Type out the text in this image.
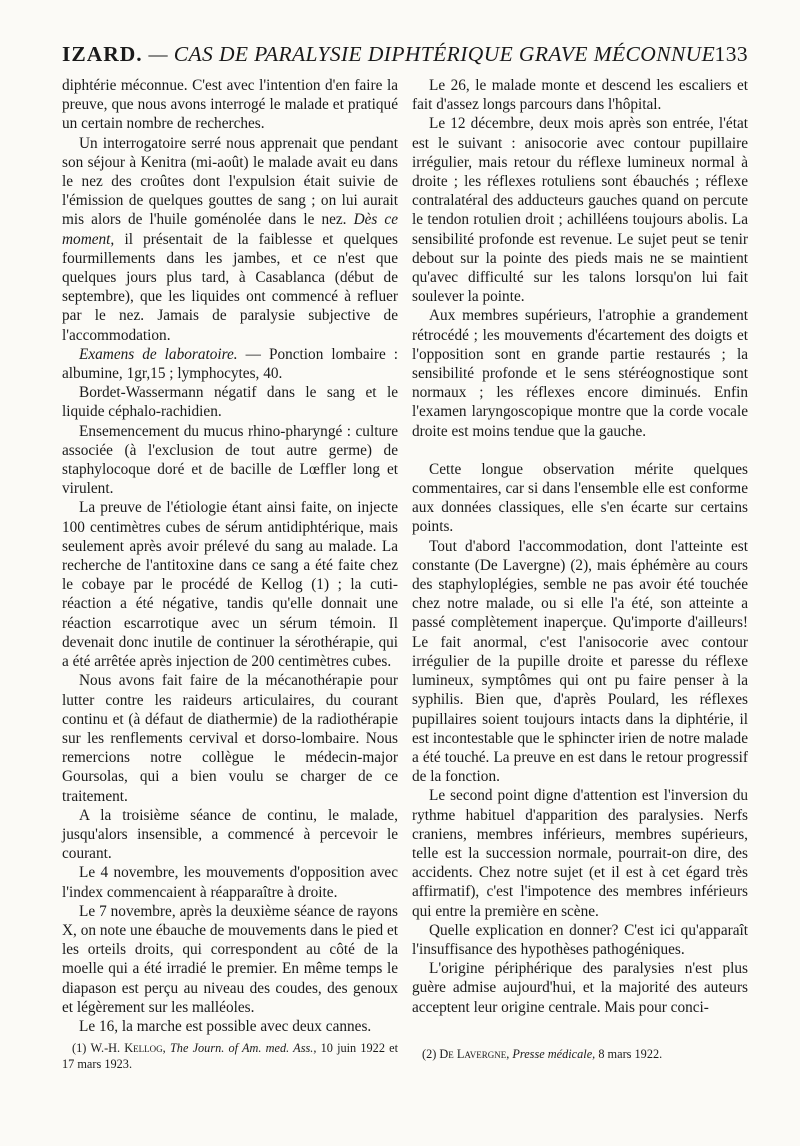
IZARD. — CAS DE PARALYSIE DIPHTÉRIQUE GRAVE MÉCONNUE 133

diphtérie méconnue. C'est avec l'intention d'en faire la preuve, que nous avons interrogé le malade et pratiqué un certain nombre de recherches.

Un interrogatoire serré nous apprenait que pendant son séjour à Kenitra (mi-août) le malade avait eu dans le nez des croûtes dont l'expulsion était suivie de l'émission de quelques gouttes de sang ; on lui aurait mis alors de l'huile goménolée dans le nez. Dès ce moment, il présentait de la faiblesse et quelques fourmillements dans les jambes, et ce n'est que quelques jours plus tard, à Casablanca (début de septembre), que les liquides ont commencé à refluer par le nez. Jamais de paralysie subjective de l'accommodation.

Examens de laboratoire. — Ponction lombaire : albumine, 1gr,15 ; lymphocytes, 40.

Bordet-Wassermann négatif dans le sang et le liquide céphalo-rachidien.

Ensemencement du mucus rhino-pharyngé : culture associée (à l'exclusion de tout autre germe) de staphylocoque doré et de bacille de Lœffler long et virulent.

La preuve de l'étiologie étant ainsi faite, on injecte 100 centimètres cubes de sérum antidiphtérique, mais seulement après avoir prélevé du sang au malade. La recherche de l'antitoxine dans ce sang a été faite chez le cobaye par le procédé de Kellog (1) ; la cuti-réaction a été négative, tandis qu'elle donnait une réaction escarrotique avec un sérum témoin. Il devenait donc inutile de continuer la sérothérapie, qui a été arrêtée après injection de 200 centimètres cubes.

Nous avons fait faire de la mécanothérapie pour lutter contre les raideurs articulaires, du courant continu et (à défaut de diathermie) de la radiothérapie sur les renflements cervival et dorso-lombaire. Nous remercions notre collègue le médecin-major Goursolas, qui a bien voulu se charger de ce traitement.

A la troisième séance de continu, le malade, jusqu'alors insensible, a commencé à percevoir le courant.

Le 4 novembre, les mouvements d'opposition avec l'index commencaient à réapparaître à droite.

Le 7 novembre, après la deuxième séance de rayons X, on note une ébauche de mouvements dans le pied et les orteils droits, qui correspondent au côté de la moelle qui a été irradié le premier. En même temps le diapason est perçu au niveau des coudes, des genoux et légèrement sur les malléoles.

Le 16, la marche est possible avec deux cannes.

Le 26, le malade monte et descend les escaliers et fait d'assez longs parcours dans l'hôpital.

Le 12 décembre, deux mois après son entrée, l'état est le suivant : anisocorie avec contour pupillaire irrégulier, mais retour du réflexe lumineux normal à droite ; les réflexes rotuliens sont ébauchés ; réflexe contralatéral des adducteurs gauches quand on percute le tendon rotulien droit ; achilléens toujours abolis. La sensibilité profonde est revenue. Le sujet peut se tenir debout sur la pointe des pieds mais ne se maintient qu'avec difficulté sur les talons lorsqu'on lui fait soulever la pointe.

Aux membres supérieurs, l'atrophie a grandement rétrocédé ; les mouvements d'écartement des doigts et l'opposition sont en grande partie restaurés ; la sensibilité profonde et le sens stéréognostique sont normaux ; les réflexes encore diminués. Enfin l'examen laryngoscopique montre que la corde vocale droite est moins tendue que la gauche.

Cette longue observation mérite quelques commentaires, car si dans l'ensemble elle est conforme aux données classiques, elle s'en écarte sur certains points.

Tout d'abord l'accommodation, dont l'atteinte est constante (De Lavergne) (2), mais éphémère au cours des staphyloplégies, semble ne pas avoir été touchée chez notre malade, ou si elle l'a été, son atteinte a passé complètement inaperçue. Qu'importe d'ailleurs! Le fait anormal, c'est l'anisocorie avec contour irrégulier de la pupille droite et paresse du réflexe lumineux, symptômes qui ont pu faire penser à la syphilis. Bien que, d'après Poulard, les réflexes pupillaires soient toujours intacts dans la diphtérie, il est incontestable que le sphincter irien de notre malade a été touché. La preuve en est dans le retour progressif de la fonction.

Le second point digne d'attention est l'inversion du rythme habituel d'apparition des paralysies. Nerfs craniens, membres inférieurs, membres supérieurs, telle est la succession normale, pourrait-on dire, des accidents. Chez notre sujet (et il est à cet égard très affirmatif), c'est l'impotence des membres inférieurs qui entre la première en scène.

Quelle explication en donner? C'est ici qu'apparaît l'insuffisance des hypothèses pathogéniques.

L'origine périphérique des paralysies n'est plus guère admise aujourd'hui, et la majorité des auteurs acceptent leur origine centrale. Mais pour conci-

(1) W.-H. Kellog, The Journ. of Am. med. Ass., 10 juin 1922 et 17 mars 1923.

(2) De Lavergne, Presse médicale, 8 mars 1922.
